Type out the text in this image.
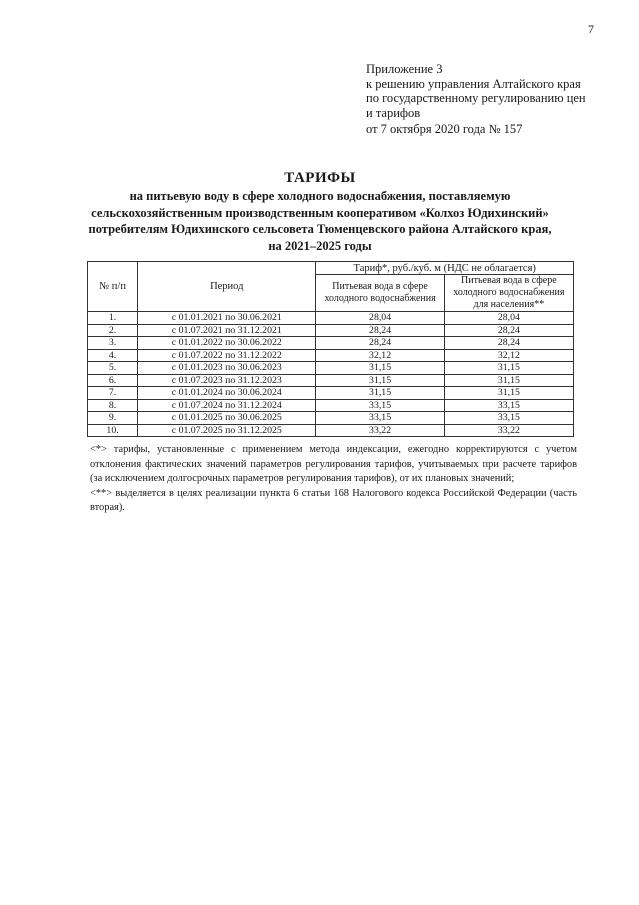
7
Приложение 3
к решению управления Алтайского края
по государственному регулированию цен
и тарифов
от 7 октября 2020 года № 157
ТАРИФЫ
на питьевую воду в сфере холодного водоснабжения, поставляемую
сельскохозяйственным производственным кооперативом «Колхоз Юдихинский»
потребителям Юдихинского сельсовета Тюменцевского района Алтайского края,
на 2021–2025 годы
№ п/п	Период	Тариф*, руб./куб. м (НДС не облагается)	
		Питьевая вода в сфере холодного водоснабжения	Питьевая вода в сфере холодного водоснабжения для населения**
1.	с 01.01.2021 по 30.06.2021	28,04	28,04
2.	с 01.07.2021 по 31.12.2021	28,24	28,24
3.	с 01.01.2022 по 30.06.2022	28,24	28,24
4.	с 01.07.2022 по 31.12.2022	32,12	32,12
5.	с 01.01.2023 по 30.06.2023	31,15	31,15
6.	с 01.07.2023 по 31.12.2023	31,15	31,15
7.	с 01.01.2024 по 30.06.2024	31,15	31,15
8.	с 01.07.2024 по 31.12.2024	33,15	33,15
9.	с 01.01.2025 по 30.06.2025	33,15	33,15
10.	с 01.07.2025 по 31.12.2025	33,22	33,22

<*> тарифы, установленные с применением метода индексации, ежегодно корректируются с учетом отклонения фактических значений параметров регулирования тарифов, учитываемых при расчете тарифов (за исключением долгосрочных параметров регулирования тарифов), от их плановых значений;

<**> выделяется в целях реализации пункта 6 статьи 168 Налогового кодекса Российской Федерации (часть вторая).
